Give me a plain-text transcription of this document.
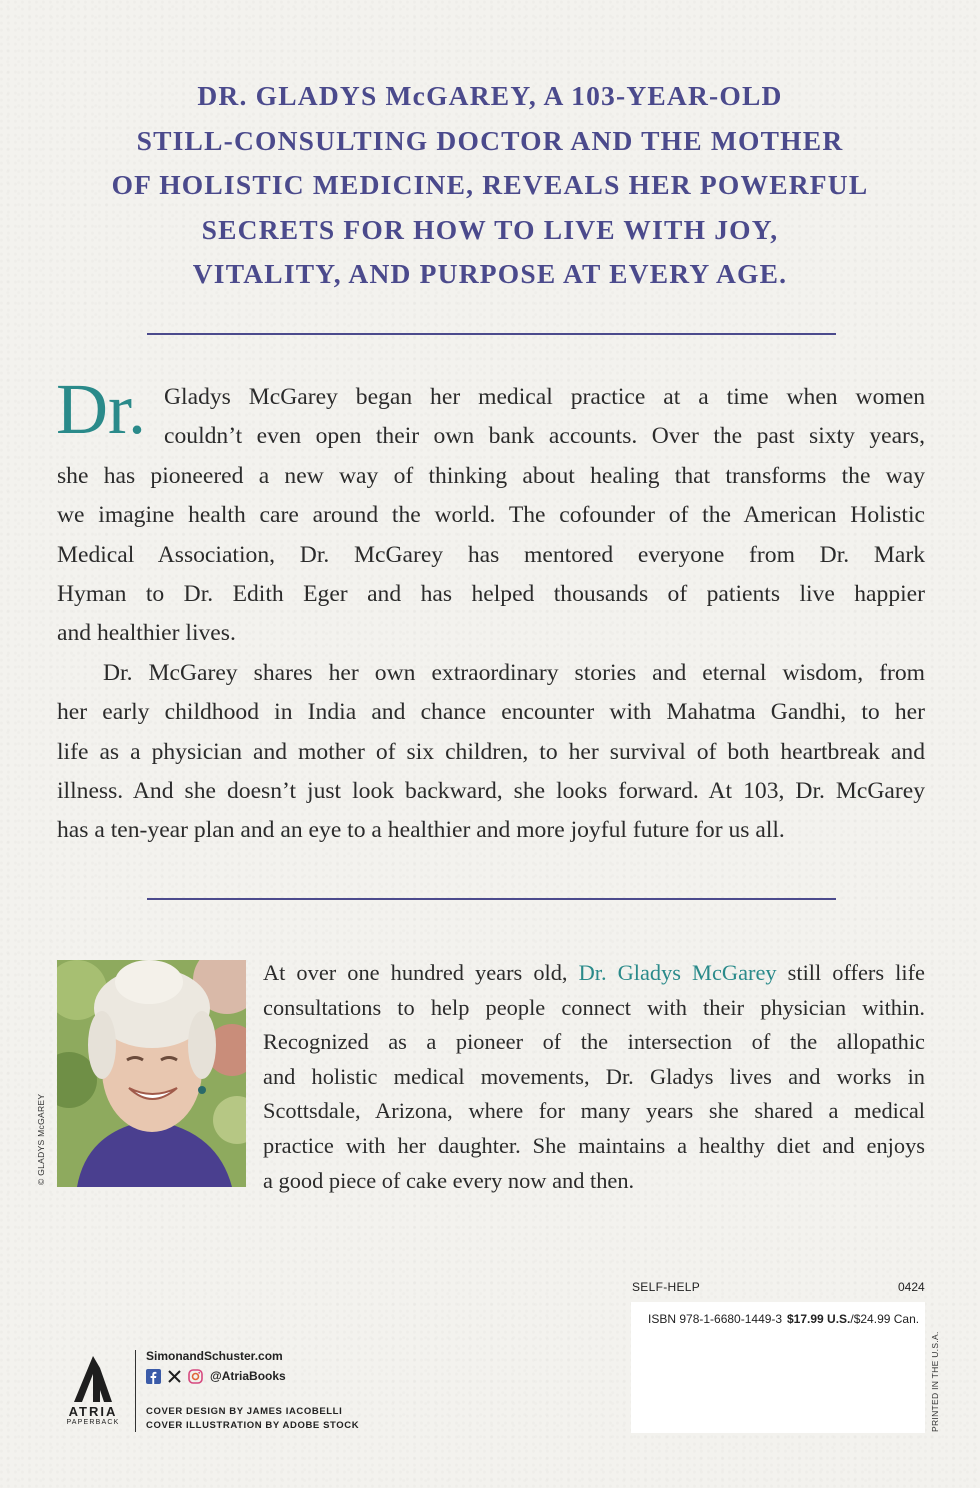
DR. GLADYS McGAREY, A 103-YEAR-OLD
STILL-CONSULTING DOCTOR AND THE MOTHER
OF HOLISTIC MEDICINE, REVEALS HER POWERFUL
SECRETS FOR HOW TO LIVE WITH JOY,
VITALITY, AND PURPOSE AT EVERY AGE.
Dr. Gladys McGarey began her medical practice at a time when women
couldn’t even open their own bank accounts. Over the past sixty years,
she has pioneered a new way of thinking about healing that transforms the way
we imagine health care around the world. The cofounder of the American Holistic
Medical Association, Dr. McGarey has mentored everyone from Dr. Mark
Hyman to Dr. Edith Eger and has helped thousands of patients live happier
and healthier lives.
Dr. McGarey shares her own extraordinary stories and eternal wisdom, from
her early childhood in India and chance encounter with Mahatma Gandhi, to her
life as a physician and mother of six children, to her survival of both heartbreak and
illness. And she doesn’t just look backward, she looks forward. At 103, Dr. McGarey
has a ten-year plan and an eye to a healthier and more joyful future for us all.
© GLADYS McGAREY
At over one hundred years old, Dr. Gladys McGarey still offers life
consultations to help people connect with their physician within.
Recognized as a pioneer of the intersection of the allopathic
and holistic medical movements, Dr. Gladys lives and works in
Scottsdale, Arizona, where for many years she shared a medical
practice with her daughter. She maintains a healthy diet and enjoys
a good piece of cake every now and then.
SELF-HELP	0424
ISBN 978-1-6680-1449-3 $17.99 U.S./$24.99 Can.
PRINTED IN THE U.S.A.
ATRIA
PAPERBACK
SimonandSchuster.com
@AtriaBooks
COVER DESIGN BY JAMES IACOBELLI
COVER ILLUSTRATION BY ADOBE STOCK
